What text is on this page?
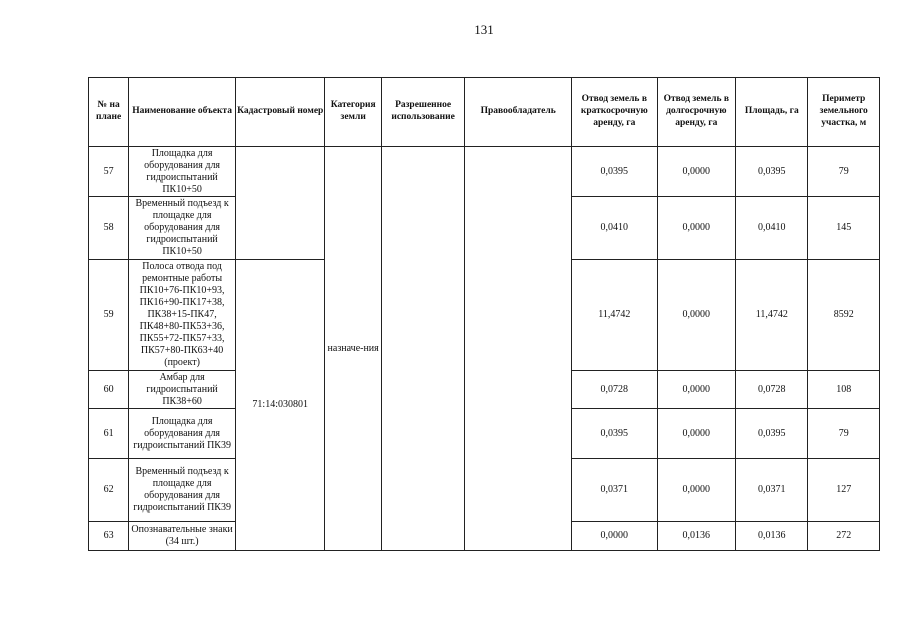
131
№ на плане	Наименование объекта	Кадастровый номер	Категория земли	Разрешенное использование	Правообладатель	Отвод земель в краткосрочную аренду, га	Отвод земель в долгосрочную аренду, га	Площадь, га	Периметр земельного участка, м
57	Площадка для оборудования для гидроиспытаний ПК10+50		назначе-ния			0,0395	0,0000	0,0395	79
58	Временный подъезд к площадке для оборудования для гидроиспытаний ПК10+50					0,0410	0,0000	0,0410	145
59	Полоса отвода под ремонтные работы ПК10+76-ПК10+93, ПК16+90-ПК17+38, ПК38+15-ПК47, ПК48+80-ПК53+36, ПК55+72-ПК57+33, ПК57+80-ПК63+40 (проект)	71:14:030801				11,4742	0,0000	11,4742	8592
60	Амбар для гидроиспытаний ПК38+60					0,0728	0,0000	0,0728	108
61	Площадка для оборудования для гидроиспытаний ПК39					0,0395	0,0000	0,0395	79
62	Временный подъезд к площадке для оборудования для гидроиспытаний ПК39					0,0371	0,0000	0,0371	127
63	Опознавательные знаки (34 шт.)					0,0000	0,0136	0,0136	272
